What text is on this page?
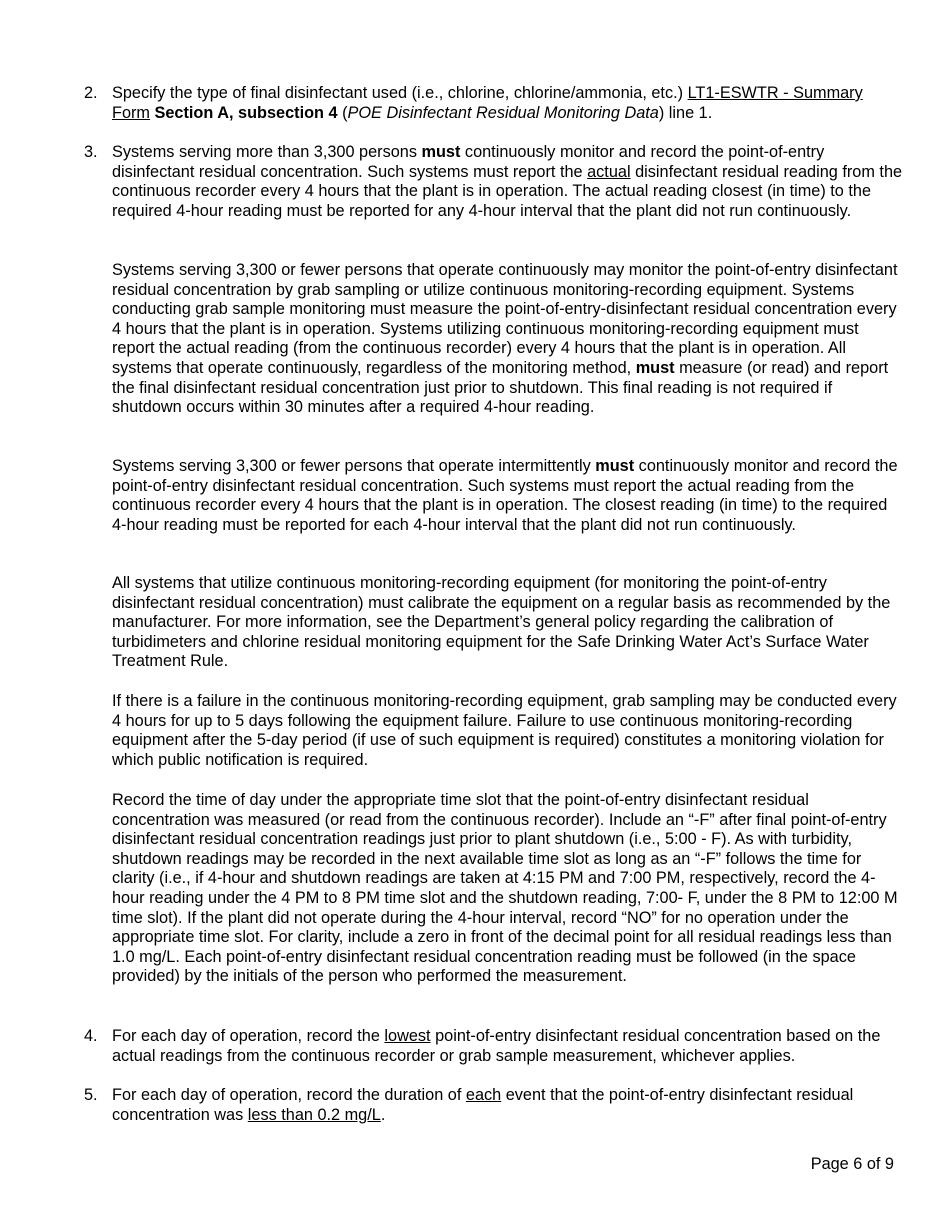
2. Specify the type of final disinfectant used (i.e., chlorine, chlorine/ammonia, etc.) LT1-ESWTR - Summary Form Section A, subsection 4 (POE Disinfectant Residual Monitoring Data) line 1.
3. Systems serving more than 3,300 persons must continuously monitor and record the point-of-entry disinfectant residual concentration. Such systems must report the actual disinfectant residual reading from the continuous recorder every 4 hours that the plant is in operation. The actual reading closest (in time) to the required 4-hour reading must be reported for any 4-hour interval that the plant did not run continuously.

Systems serving 3,300 or fewer persons that operate continuously may monitor the point-of-entry disinfectant residual concentration by grab sampling or utilize continuous monitoring-recording equipment. Systems conducting grab sample monitoring must measure the point-of-entry-disinfectant residual concentration every 4 hours that the plant is in operation. Systems utilizing continuous monitoring-recording equipment must report the actual reading (from the continuous recorder) every 4 hours that the plant is in operation. All systems that operate continuously, regardless of the monitoring method, must measure (or read) and report the final disinfectant residual concentration just prior to shutdown. This final reading is not required if shutdown occurs within 30 minutes after a required 4-hour reading.

Systems serving 3,300 or fewer persons that operate intermittently must continuously monitor and record the point-of-entry disinfectant residual concentration. Such systems must report the actual reading from the continuous recorder every 4 hours that the plant is in operation. The closest reading (in time) to the required 4-hour reading must be reported for each 4-hour interval that the plant did not run continuously.

All systems that utilize continuous monitoring-recording equipment (for monitoring the point-of-entry disinfectant residual concentration) must calibrate the equipment on a regular basis as recommended by the manufacturer. For more information, see the Department’s general policy regarding the calibration of turbidimeters and chlorine residual monitoring equipment for the Safe Drinking Water Act’s Surface Water Treatment Rule.

If there is a failure in the continuous monitoring-recording equipment, grab sampling may be conducted every 4 hours for up to 5 days following the equipment failure. Failure to use continuous monitoring-recording equipment after the 5-day period (if use of such equipment is required) constitutes a monitoring violation for which public notification is required.

Record the time of day under the appropriate time slot that the point-of-entry disinfectant residual concentration was measured (or read from the continuous recorder). Include an “-F” after final point-of-entry disinfectant residual concentration readings just prior to plant shutdown (i.e., 5:00 - F). As with turbidity, shutdown readings may be recorded in the next available time slot as long as an “-F” follows the time for clarity (i.e., if 4-hour and shutdown readings are taken at 4:15 PM and 7:00 PM, respectively, record the 4-hour reading under the 4 PM to 8 PM time slot and the shutdown reading, 7:00- F, under the 8 PM to 12:00 M time slot). If the plant did not operate during the 4-hour interval, record “NO” for no operation under the appropriate time slot. For clarity, include a zero in front of the decimal point for all residual readings less than 1.0 mg/L. Each point-of-entry disinfectant residual concentration reading must be followed (in the space provided) by the initials of the person who performed the measurement.

4. For each day of operation, record the lowest point-of-entry disinfectant residual concentration based on the actual readings from the continuous recorder or grab sample measurement, whichever applies.
5. For each day of operation, record the duration of each event that the point-of-entry disinfectant residual concentration was less than 0.2 mg/L.
Page 6 of 9
